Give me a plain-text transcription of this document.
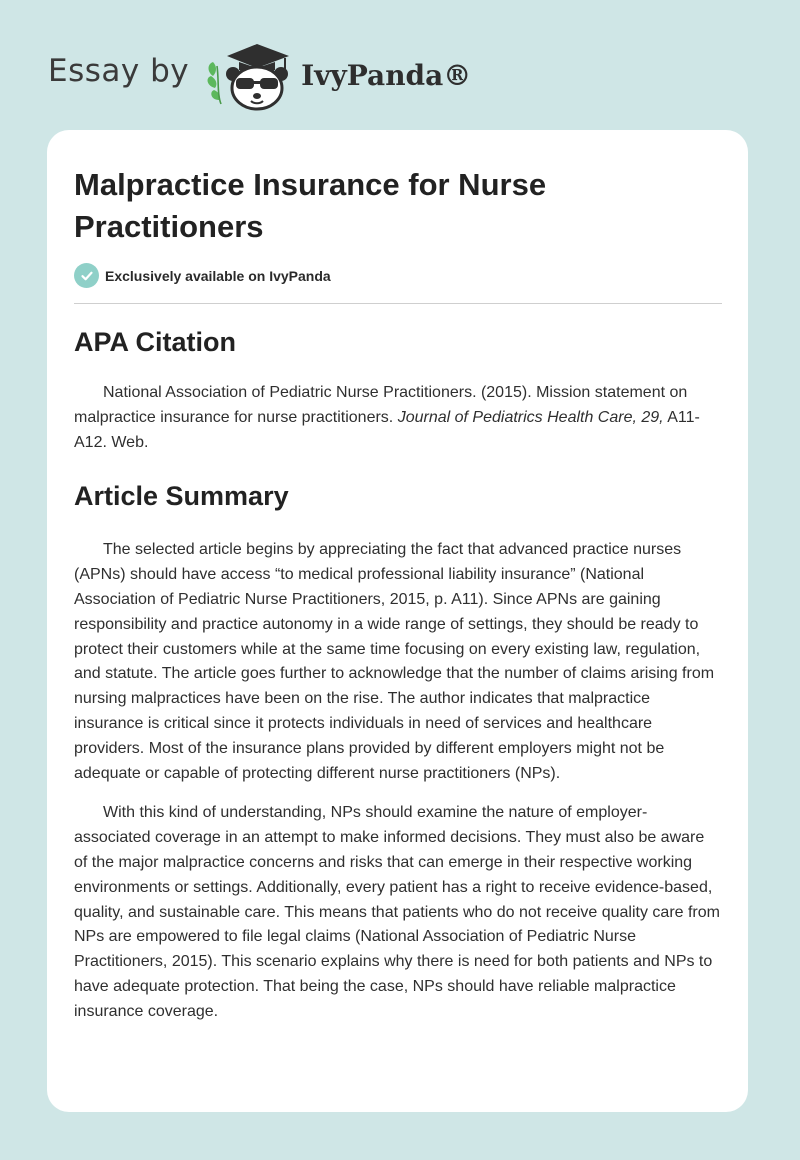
Essay by	IvyPanda®
Malpractice Insurance for Nurse Practitioners
Exclusively available on IvyPanda
APA Citation

National Association of Pediatric Nurse Practitioners. (2015). Mission statement on malpractice insurance for nurse practitioners. Journal of Pediatrics Health Care, 29, A11-A12. Web.

Article Summary

The selected article begins by appreciating the fact that advanced practice nurses (APNs) should have access “to medical professional liability insurance” (National Association of Pediatric Nurse Practitioners, 2015, p. A11). Since APNs are gaining responsibility and practice autonomy in a wide range of settings, they should be ready to protect their customers while at the same time focusing on every existing law, regulation, and statute. The article goes further to acknowledge that the number of claims arising from nursing malpractices have been on the rise. The author indicates that malpractice insurance is critical since it protects individuals in need of services and healthcare providers. Most of the insurance plans provided by different employers might not be adequate or capable of protecting different nurse practitioners (NPs).

With this kind of understanding, NPs should examine the nature of employer-associated coverage in an attempt to make informed decisions. They must also be aware of the major malpractice concerns and risks that can emerge in their respective working environments or settings. Additionally, every patient has a right to receive evidence-based, quality, and sustainable care. This means that patients who do not receive quality care from NPs are empowered to file legal claims (National Association of Pediatric Nurse Practitioners, 2015). This scenario explains why there is need for both patients and NPs to have adequate protection. That being the case, NPs should have reliable malpractice insurance coverage.
